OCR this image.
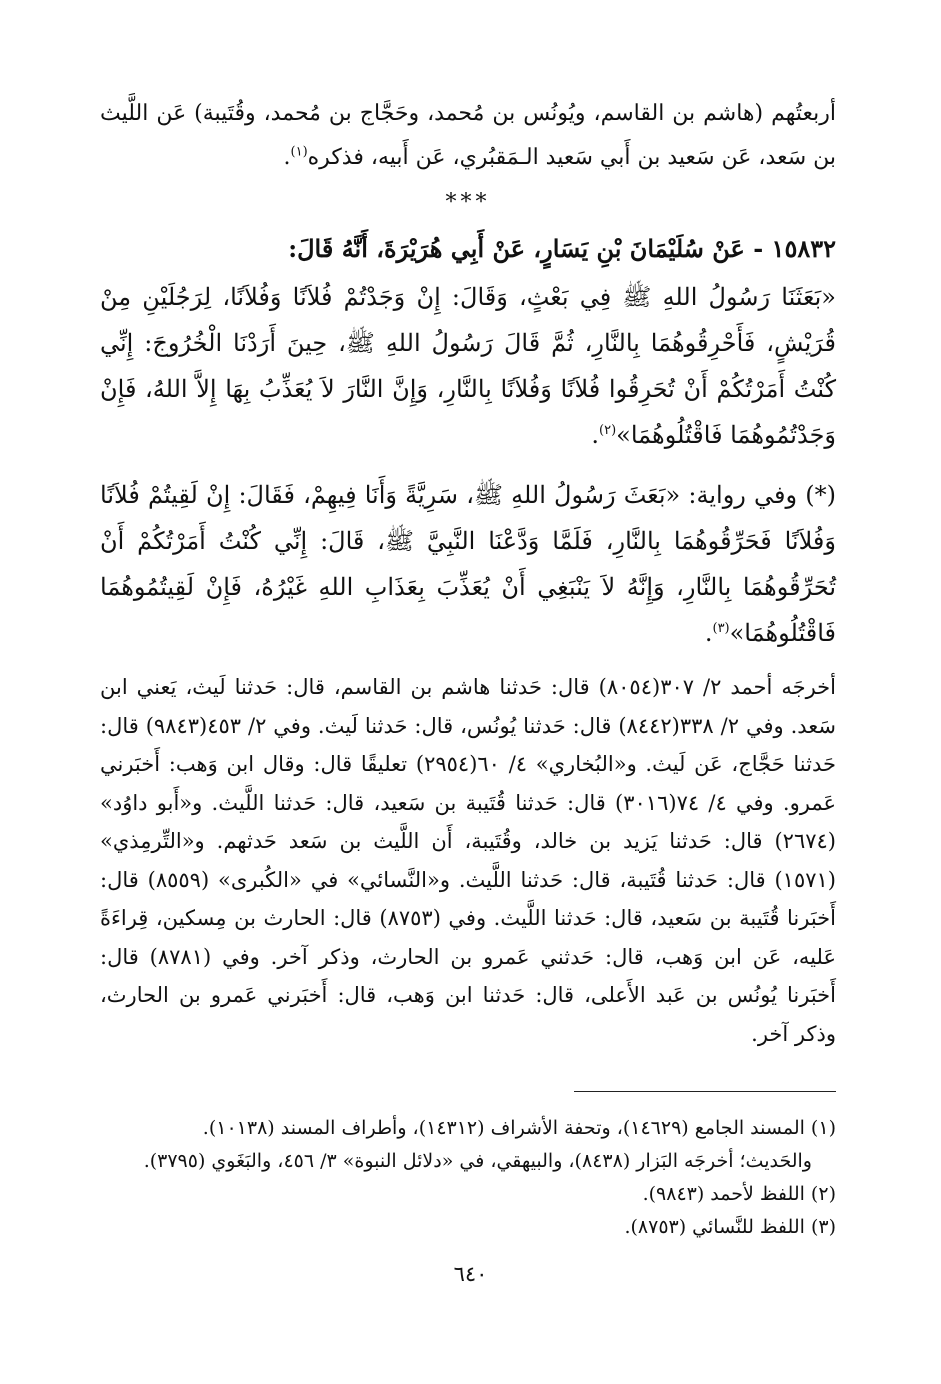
أربعتُهم (هاشم بن القاسم، ويُونُس بن مُحمد، وحَجَّاج بن مُحمد، وقُتَيبة) عَن اللَّيث بن سَعد، عَن سَعيد بن أَبي سَعيد الـمَقبُري، عَن أَبيه، فذكره$^{(١)}$.

***

١٥٨٣٢ - عَنْ سُلَيْمَانَ بْنِ يَسَارٍ، عَنْ أَبِي هُرَيْرَةَ، أَنَّهُ قَالَ:

«بَعَثَنَا رَسُولُ اللهِ ﷺ فِي بَعْثٍ، وَقَالَ: إِنْ وَجَدْتُمْ فُلاَنًا وَفُلاَنًا، لِرَجُلَيْنِ مِنْ قُرَيْشٍ، فَأَحْرِقُوهُمَا بِالنَّارِ، ثُمَّ قَالَ رَسُولُ اللهِ ﷺ، حِينَ أَرَدْنَا الْخُرُوجَ: إِنِّي كُنْتُ أَمَرْتُكُمْ أَنْ تُحَرِقُوا فُلاَنًا وَفُلاَنًا بِالنَّارِ، وَإِنَّ النَّارَ لاَ يُعَذِّبُ بِهَا إِلاَّ اللهُ، فَإِنْ وَجَدْتُمُوهُمَا فَاقْتُلُوهُمَا»$^{(٢)}$.

(*) وفي رواية: «بَعَثَ رَسُولُ اللهِ ﷺ، سَرِيَّةً وَأَنَا فِيهِمْ، فَقَالَ: إِنْ لَقِيتُمْ فُلاَنًا وَفُلاَنًا فَحَرِّقُوهُمَا بِالنَّارِ، فَلَمَّا وَدَّعْنَا النَّبِيَّ ﷺ، قَالَ: إِنِّي كُنْتُ أَمَرْتُكُمْ أَنْ تُحَرِّقُوهُمَا بِالنَّارِ، وَإِنَّهُ لاَ يَنْبَغِي أَنْ يُعَذِّبَ بِعَذَابِ اللهِ غَيْرُهُ، فَإِنْ لَقِيتُمُوهُمَا فَاقْتُلُوهُمَا»$^{(٣)}$.

أخرجَه أحمد ٢/ ٣٠٧(٨٠٥٤) قال: حَدثنا هاشم بن القاسم، قال: حَدثنا لَيث، يَعني ابن سَعد. وفي ٢/ ٣٣٨(٨٤٤٢) قال: حَدثنا يُونُس، قال: حَدثنا لَيث. وفي ٢/ ٤٥٣(٩٨٤٣) قال: حَدثنا حَجَّاج، عَن لَيث. و«البُخاري» ٤/ ٦٠(٢٩٥٤) تعليقًا قال: وقال ابن وَهب: أَخبَرني عَمرو. وفي ٤/ ٧٤(٣٠١٦) قال: حَدثنا قُتَيبة بن سَعيد، قال: حَدثنا اللَّيث. و«أَبو داوُد» (٢٦٧٤) قال: حَدثنا يَزيد بن خالد، وقُتَيبة، أَن اللَّيث بن سَعد حَدثهم. و«التِّرمِذي» (١٥٧١) قال: حَدثنا قُتَيبة، قال: حَدثنا اللَّيث. و«النَّسائي» في «الكُبرى» (٨٥٥٩) قال: أَخبَرنا قُتَيبة بن سَعيد، قال: حَدثنا اللَّيث. وفي (٨٧٥٣) قال: الحارث بن مِسكين، قِراءَةً عَليه، عَن ابن وَهب، قال: حَدثني عَمرو بن الحارث، وذكر آخر. وفي (٨٧٨١) قال: أَخبَرنا يُونُس بن عَبد الأَعلى، قال: حَدثنا ابن وَهب، قال: أَخبَرني عَمرو بن الحارث، وذكر آخر.

(١) المسند الجامع (١٤٦٢٩)، وتحفة الأشراف (١٤٣١٢)، وأطراف المسند (١٠١٣٨).
والحَديث؛ أخرجَه البَزار (٨٤٣٨)، والبيهقي، في «دلائل النبوة» ٣/ ٤٥٦، والبَغَوي (٣٧٩٥).
(٢) اللفظ لأحمد (٩٨٤٣).
(٣) اللفظ للنَّسائي (٨٧٥٣).
٦٤٠
